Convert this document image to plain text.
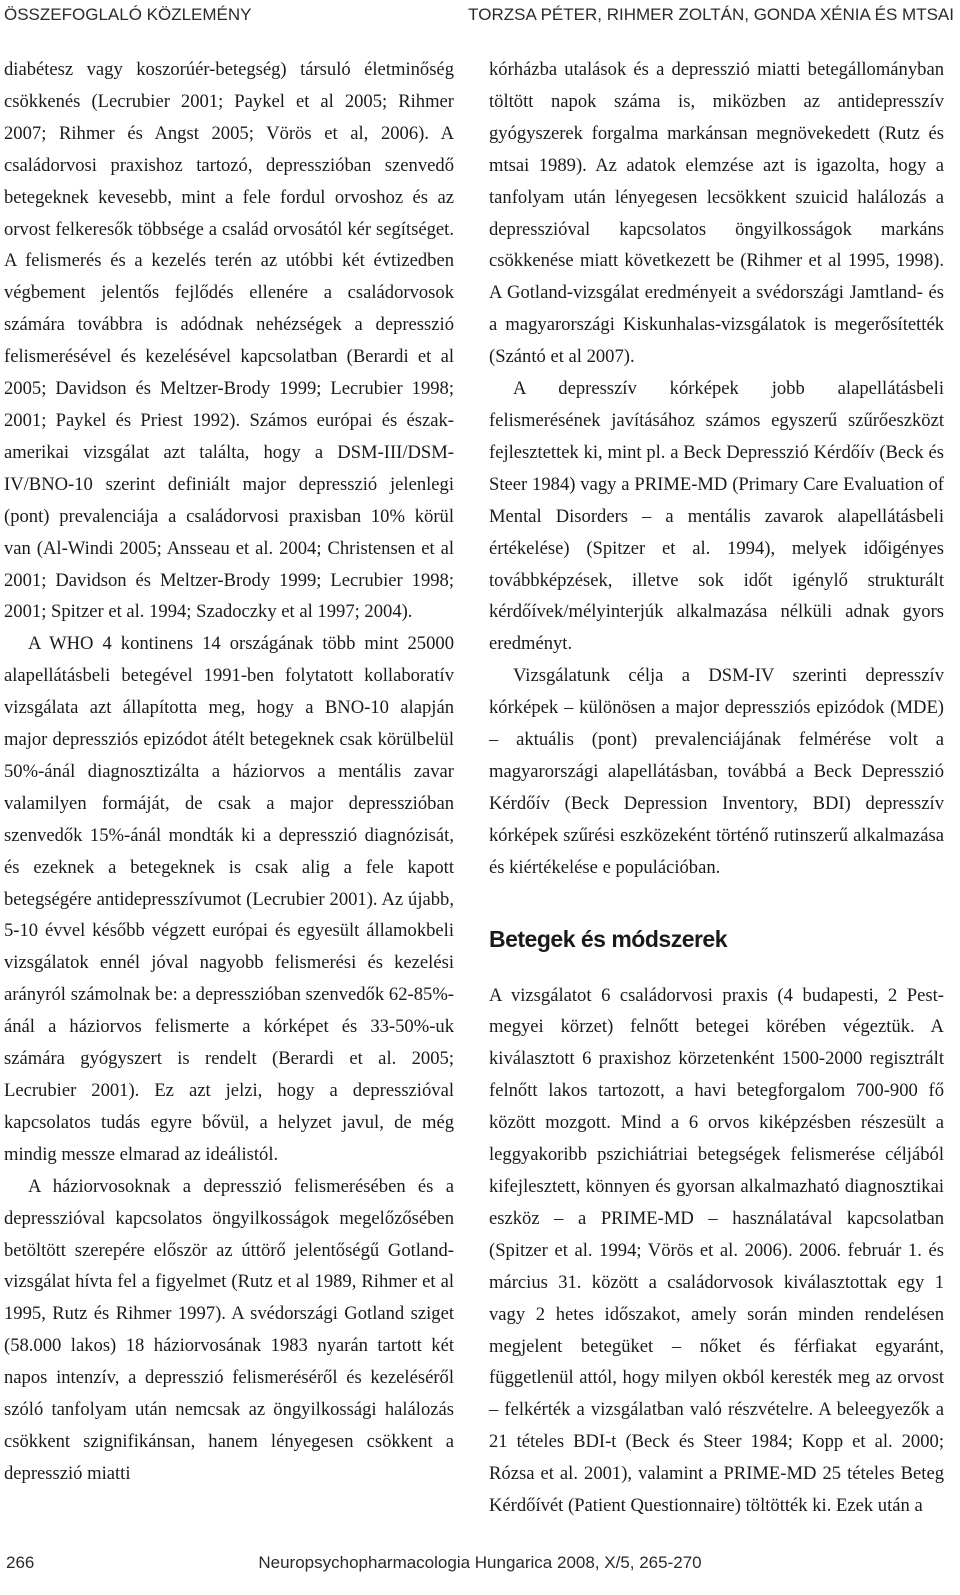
ÖSSZEFOGLALÓ KÖZLEMÉNY	TORZSA PÉTER, RIHMER ZOLTÁN, GONDA XÉNIA ÉS MTSAI

diabétesz vagy koszorúér-betegség) társuló életminőség csökkenés (Lecrubier 2001; Paykel et al 2005; Rihmer 2007; Rihmer és Angst 2005; Vörös et al, 2006). A családorvosi praxishoz tartozó, depresszióban szenvedő betegeknek kevesebb, mint a fele fordul orvoshoz és az orvost felkeresők többsége a család orvosától kér segítséget. A felismerés és a kezelés terén az utóbbi két évtizedben végbement jelentős fejlődés ellenére a családorvosok számára továbbra is adódnak nehézségek a depresszió felismerésével és kezelésével kapcsolatban (Berardi et al 2005; Davidson és Meltzer-Brody 1999; Lecrubier 1998; 2001; Paykel és Priest 1992). Számos európai és észak-amerikai vizsgálat azt találta, hogy a DSM-III/DSM- IV/BNO-10 szerint definiált major depresszió jelenlegi (pont) prevalenciája a családorvosi praxisban 10% körül van (Al-Windi 2005; Ansseau et al. 2004; Christensen et al 2001; Davidson és Meltzer-Brody 1999; Lecrubier 1998; 2001; Spitzer et al. 1994; Szadoczky et al 1997; 2004).

A WHO 4 kontinens 14 országának több mint 25000 alapellátásbeli betegével 1991-ben folytatott kollaboratív vizsgálata azt állapította meg, hogy a BNO-10 alapján major depressziós epizódot átélt betegeknek csak körülbelül 50%-ánál diagnosztizálta a háziorvos a mentális zavar valamilyen formáját, de csak a major depresszióban szenvedők 15%-ánál mondták ki a depresszió diagnózisát, és ezeknek a betegeknek is csak alig a fele kapott betegségére antidepresszívumot (Lecrubier 2001). Az újabb, 5-10 évvel később végzett európai és egyesült államokbeli vizsgálatok ennél jóval nagyobb felismerési és kezelési arányról számolnak be: a depresszióban szenvedők 62-85%-ánál a háziorvos felismerte a kórképet és 33-50%-uk számára gyógyszert is rendelt (Berardi et al. 2005; Lecrubier 2001). Ez azt jelzi, hogy a depresszióval kapcsolatos tudás egyre bővül, a helyzet javul, de még mindig messze elmarad az ideálistól.

A háziorvosoknak a depresszió felismerésében és a depresszióval kapcsolatos öngyilkosságok megelőzősében betöltött szerepére először az úttörő jelentőségű Gotland-vizsgálat hívta fel a figyelmet (Rutz et al 1989, Rihmer et al 1995, Rutz és Rihmer 1997). A svédországi Gotland sziget (58.000 lakos) 18 háziorvosának 1983 nyarán tartott két napos intenzív, a depresszió felismeréséről és kezeléséről szóló tanfolyam után nemcsak az öngyilkossági halálozás csökkent szignifikánsan, hanem lényegesen csökkent a depresszió miatti

kórházba utalások és a depresszió miatti betegállományban töltött napok száma is, miközben az antidepresszív gyógyszerek forgalma markánsan megnövekedett (Rutz és mtsai 1989). Az adatok elemzése azt is igazolta, hogy a tanfolyam után lényegesen lecsökkent szuicid halálozás a depresszióval kapcsolatos öngyilkosságok markáns csökkenése miatt következett be (Rihmer et al 1995, 1998). A Gotland-vizsgálat eredményeit a svédországi Jamtland- és a magyarországi Kiskunhalas-vizsgálatok is megerősítették (Szántó et al 2007).

A depresszív kórképek jobb alapellátásbeli felismerésének javításához számos egyszerű szűrőeszközt fejlesztettek ki, mint pl. a Beck Depresszió Kérdőív (Beck és Steer 1984) vagy a PRIME-MD (Primary Care Evaluation of Mental Disorders – a mentális zavarok alapellátásbeli értékelése) (Spitzer et al. 1994), melyek időigényes továbbképzések, illetve sok időt igénylő strukturált kérdőívek/mélyinterjúk alkalmazása nélküli adnak gyors eredményt.

Vizsgálatunk célja a DSM-IV szerinti depresszív kórképek – különösen a major depressziós epizódok (MDE) – aktuális (pont) prevalenciájának felmérése volt a magyarországi alapellátásban, továbbá a Beck Depresszió Kérdőív (Beck Depression Inventory, BDI) depresszív kórképek szűrési eszközeként történő rutinszerű alkalmazása és kiértékelése e populációban.

Betegek és módszerek

A vizsgálatot 6 családorvosi praxis (4 budapesti, 2 Pest-megyei körzet) felnőtt betegei körében végeztük. A kiválasztott 6 praxishoz körzetenként 1500-2000 regisztrált felnőtt lakos tartozott, a havi betegforgalom 700-900 fő között mozgott. Mind a 6 orvos kiképzésben részesült a leggyakoribb pszichiátriai betegségek felismerése céljából kifejlesztett, könnyen és gyorsan alkalmazható diagnosztikai eszköz – a PRIME-MD – használatával kapcsolatban (Spitzer et al. 1994; Vörös et al. 2006). 2006. február 1. és március 31. között a családorvosok kiválasztottak egy 1 vagy 2 hetes időszakot, amely során minden rendelésen megjelent betegüket – nőket és férfiakat egyaránt, függetlenül attól, hogy milyen okból keresték meg az orvost – felkérték a vizsgálatban való részvételre. A beleegyezők a 21 tételes BDI-t (Beck és Steer 1984; Kopp et al. 2000; Rózsa et al. 2001), valamint a PRIME-MD 25 tételes Beteg Kérdőívét (Patient Questionnaire) töltötték ki. Ezek után a

Neuropsychopharmacologia Hungarica 2008, X/5, 265-270
266
